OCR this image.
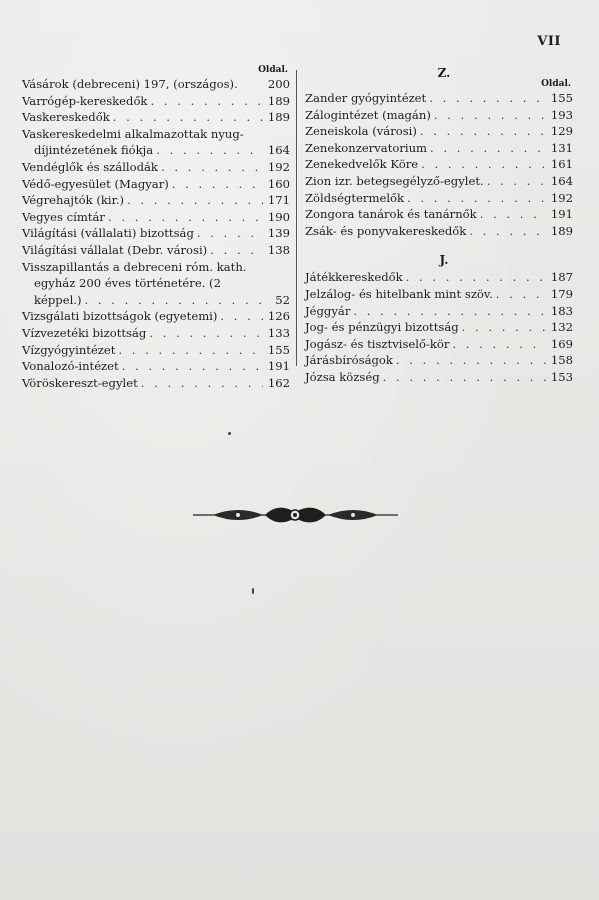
VII
Oldal.
Vásárok (debreceni) 197, (országos).	200
Varrógép-kereskedők . . .	189
Vaskereskedők . . .	189
Vaskereskedelmi alkalmazottak nyug-
díjintézetének fiókja . . .	164
Vendéglők és szállodák . . .	192
Védő-egyesület (Magyar) . . .	160
Végrehajtók (kir.) . . .	171
Vegyes címtár . . .	190
Világítási (vállalati) bizottság . . .	139
Világítási vállalat (Debr. városi) . . .	138
Visszapillantás a debreceni róm. kath.
egyház 200 éves történetére. (2
képpel.) . . .	52
Vizsgálati bizottságok (egyetemi) . . .	126
Vízvezetéki bizottság . . .	133
Vízgyógyintézet . . .	155
Vonalozó-intézet . . .	191
Vöröskereszt-egylet . . .	162
Z.
Oldal.
Zander gyógyintézet . . .	155
Zálogintézet (magán) . . .	193
Zeneiskola (városi) . . .	129
Zenekonzervatorium . . .	131
Zenekedvelők Köre . . .	161
Zion izr. betegsegélyző-egylet. . . .	164
Zöldségtermelők . . .	192
Zongora tanárok és tanárnők . . .	191
Zsák- és ponyvakereskedők . . .	189
J.
Játékkereskedők . . .	187
Jelzálog- és hitelbank mint szöv. . . .	179
Jéggyár . . .	183
Jog- és pénzügyi bizottság . . .	132
Jogász- és tisztviselő-kör . . .	169
Járásbíróságok . . .	158
Józsa község . . .	153
